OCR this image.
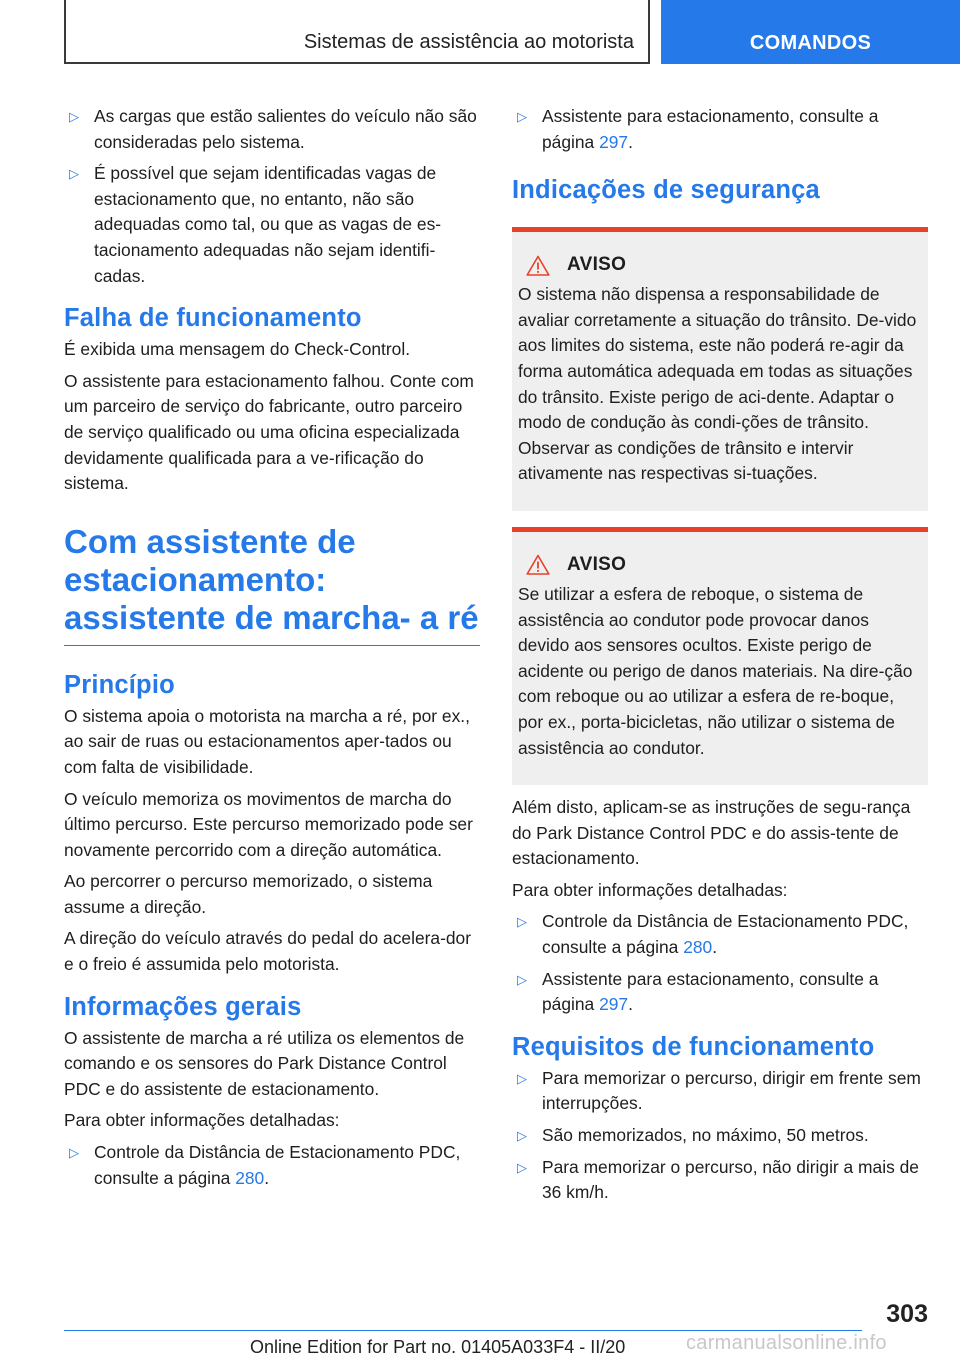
Sistemas de assistência ao motorista	COMANDOS
▷ As cargas que estão salientes do veículo não são consideradas pelo sistema.
▷ É possível que sejam identificadas vagas de estacionamento que, no entanto, não são adequadas como tal, ou que as vagas de es-tacionamento adequadas não sejam identifi-cadas.
Falha de funcionamento

É exibida uma mensagem do Check-Control.

O assistente para estacionamento falhou. Conte com um parceiro de serviço do fabricante, outro parceiro de serviço qualificado ou uma oficina especializada devidamente qualificada para a ve-rificação do sistema.

Com assistente de estacionamento: assistente de marcha- a ré
Princípio

O sistema apoia o motorista na marcha a ré, por ex., ao sair de ruas ou estacionamentos aper-tados ou com falta de visibilidade.

O veículo memoriza os movimentos de marcha do último percurso. Este percurso memorizado pode ser novamente percorrido com a direção automática.

Ao percorrer o percurso memorizado, o sistema assume a direção.

A direção do veículo através do pedal do acelera-dor e o freio é assumida pelo motorista.

Informações gerais

O assistente de marcha a ré utiliza os elementos de comando e os sensores do Park Distance Control PDC e do assistente de estacionamento.

Para obter informações detalhadas:

▷ Controle da Distância de Estacionamento PDC, consulte a página 280.
▷ Assistente para estacionamento, consulte a página 297.
Indicações de segurança
AVISO

O sistema não dispensa a responsabilidade de avaliar corretamente a situação do trânsito. De-vido aos limites do sistema, este não poderá re-agir da forma automática adequada em todas as situações do trânsito. Existe perigo de aci-dente. Adaptar o modo de condução às condi-ções de trânsito. Observar as condições de trânsito e intervir ativamente nas respectivas si-tuações.

AVISO

Se utilizar a esfera de reboque, o sistema de assistência ao condutor pode provocar danos devido aos sensores ocultos. Existe perigo de acidente ou perigo de danos materiais. Na dire-ção com reboque ou ao utilizar a esfera de re-boque, por ex., porta-bicicletas, não utilizar o sistema de assistência ao condutor.

Além disto, aplicam-se as instruções de segu-rança do Park Distance Control PDC e do assis-tente de estacionamento.

Para obter informações detalhadas:

▷ Controle da Distância de Estacionamento PDC, consulte a página 280.
▷ Assistente para estacionamento, consulte a página 297.
Requisitos de funcionamento
▷ Para memorizar o percurso, dirigir em frente sem interrupções.
▷ São memorizados, no máximo, 50 metros.
▷ Para memorizar o percurso, não dirigir a mais de 36 km/h.
303
Online Edition for Part no. 01405A033F4 - II/20	carmanualsonline.info
